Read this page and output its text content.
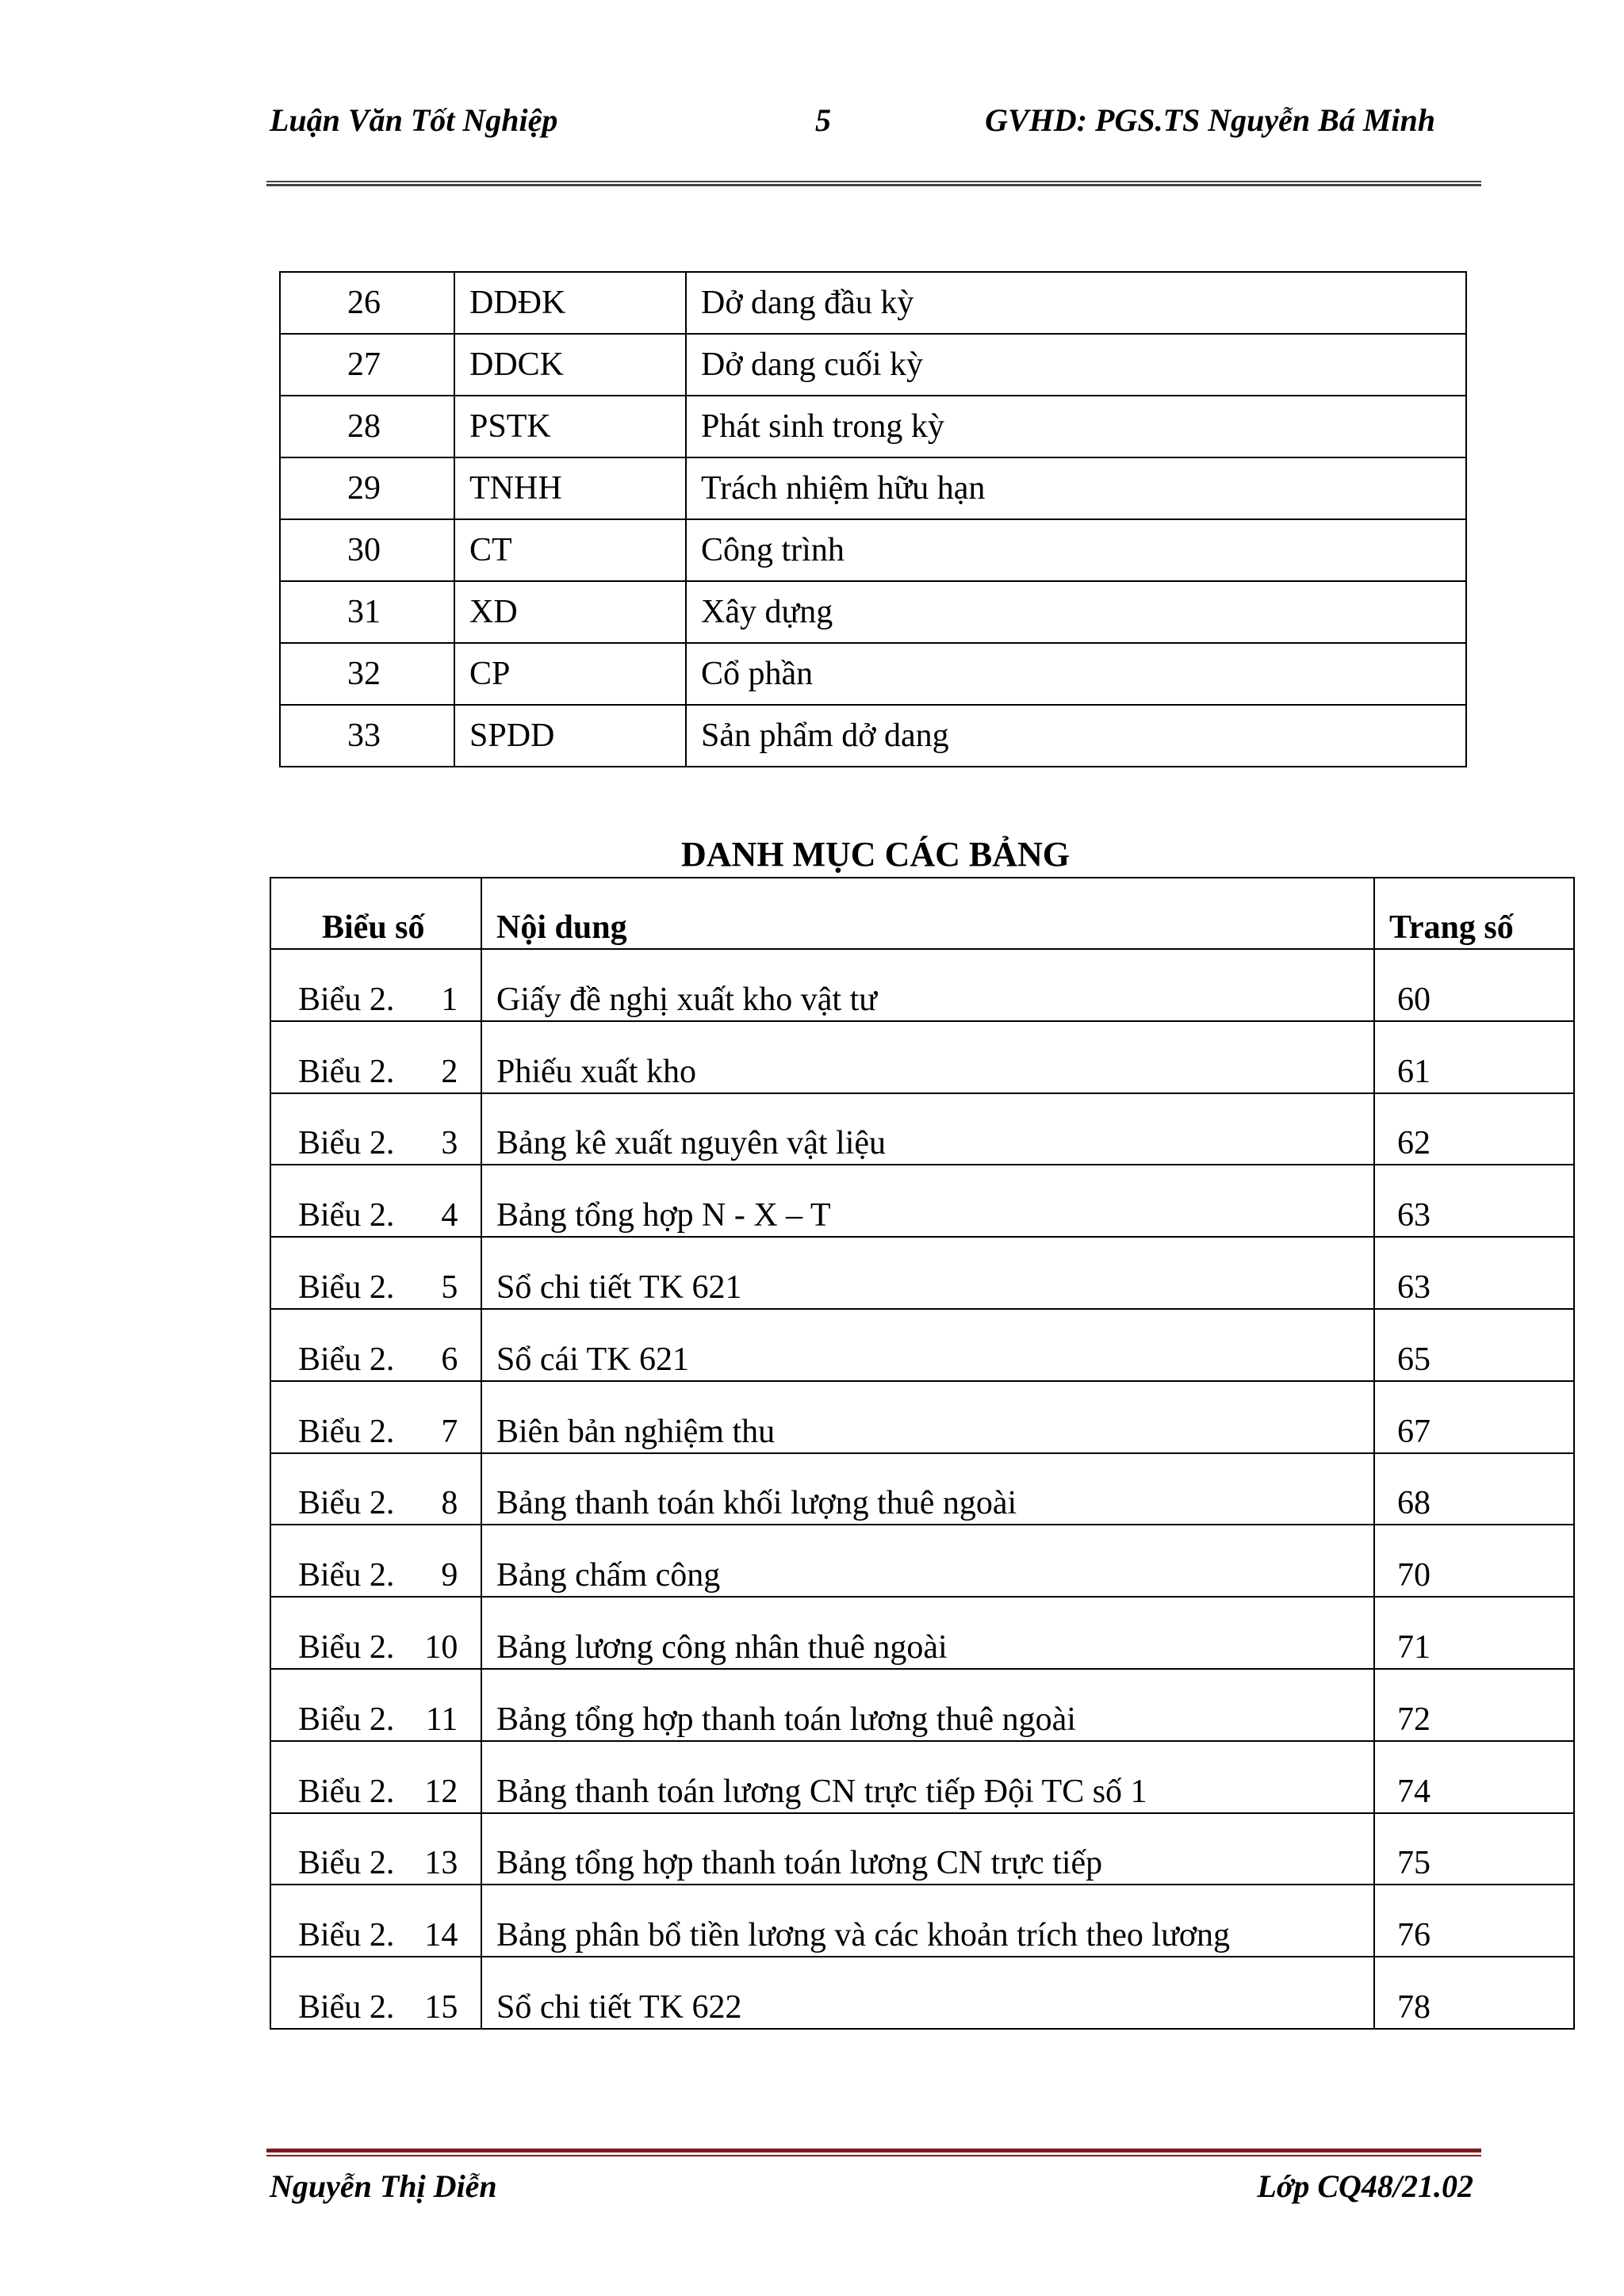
Luận Văn Tốt Nghiệp	5	GVHD: PGS.TS Nguyễn Bá Minh
26	DDĐK	Dở dang đầu kỳ
27	DDCK	Dở dang cuối kỳ
28	PSTK	Phát sinh trong kỳ
29	TNHH	Trách nhiệm hữu hạn
30	CT	Công trình
31	XD	Xây dựng
32	CP	Cổ phần
33	SPDD	Sản phẩm dở dang
DANH MỤC CÁC BẢNG
Biểu số	Nội dung	Trang số
Biểu 2. 1	Giấy đề nghị xuất kho vật tư	60
Biểu 2. 2	Phiếu xuất kho	61
Biểu 2. 3	Bảng kê xuất nguyên vật liệu	62
Biểu 2. 4	Bảng tổng hợp N - X – T	63
Biểu 2. 5	Sổ chi tiết TK 621	63
Biểu 2. 6	Sổ cái TK 621	65
Biểu 2. 7	Biên bản nghiệm thu	67
Biểu 2. 8	Bảng thanh toán khối lượng thuê ngoài	68
Biểu 2. 9	Bảng chấm công	70
Biểu 2. 10	Bảng lương công nhân thuê ngoài	71
Biểu 2. 11	Bảng tổng hợp thanh toán lương thuê ngoài	72
Biểu 2. 12	Bảng thanh toán lương CN trực tiếp Đội TC số 1	74
Biểu 2. 13	Bảng tổng hợp thanh toán lương CN trực tiếp	75
Biểu 2. 14	Bảng phân bổ tiền lương và các khoản trích theo lương	76
Biểu 2. 15	Sổ chi tiết TK 622	78
Nguyễn Thị Diễn	Lớp CQ48/21.02
